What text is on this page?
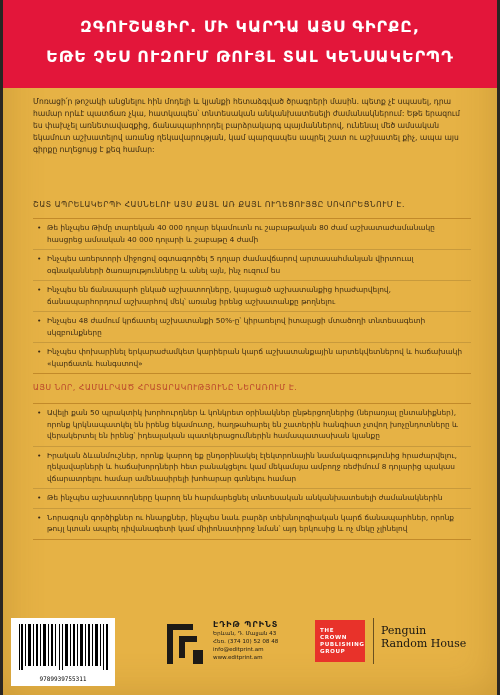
ԶԳՈՒՇԱՑԻՐ. ՄԻ ԿԱՐԴԱ ԱՅՍ ԳԻՐՔԸ,
ԵԹԵ ՉԵՍ ՈՒԶՈՒՄ ԹՈՒՅԼ ՏԱԼ ԿԵՆՍԱԿԵՐՊԴ
Մոռացի՛ր թոշակի անցնելու հին մոդելի և կյանքի հետաձգված ծրագրերի մասին. պետք չէ սպասել, դրա համար որևէ պատճառ չկա, հատկապես՝ տնտեսական անկանխատեսելի ժամանակներում: Եթե երազում ես փախչել առնետավազքից, ճանապարհորդել բարձրակարգ պայմաններով, ունենալ մեծ ամսական եկամուտ աշխատելով առանց ղեկավարության, կամ պարզապես ապրել շատ ու աշխատել քիչ, ապա այս գիրքը ուղեցույց է քեզ համար:
ՇԱՏ ԱՊՐԵԼԱԿԵՐՊԻ ՀԱՍՆԵԼՈՒ ԱՅՍ ՔԱՅԼ ԱՌ ՔԱՅԼ ՈՒՂԵՑՈՒՅՑԸ ՍՈՎՈՐԵՑՆՈՒՄ Է.
• Թե ինչպես Թիմը տարեկան 40 000 դոլար եկամուտն ու շաբաթական 80 ժամ աշխատաժամանակը հասցրեց ամսական 40 000 դոլարի և շաբաթը 4 ժամի
• Ինչպես առերտորի միջոցով օգտագործել 5 դոլար ժամավճարով արտասահմանյան վիրտուալ օգնականների ծառայությունները և անել այն, ինչ ուզում ես
• Ինչպես են ճանապարհ ընկած աշխատողները, կայացած աշխատանքից հրաժարվելով, ճանապարհորդում աշխարհով մեկ՝ առանց իրենց աշխատանքը թողնելու
• Ինչպես 48 ժամում կրճատել աշխատանքի 50%-ը՝ կիրառելով իտալացի մտածողի տնտեսագետի սկզբունքները
• Ինչպես փոխարինել երկարաժամկետ կարիերան կարճ աշխատանքային արտեկվետներով և հաճախակի «կարճատև հանգստով»
ԱՅՍ ՆՈՐ, ՀԱՄԱԼՐՎԱԾ ՀՐԱՏԱՐԱԿՈՒԹՅՈՒՆԸ ՆԵՐԱՌՈՒՄ Է.
• Ավելի քան 50 պրակտիկ խորհուրդներ և կոնկրետ օրինակներ ընթերցողներից (ներառյալ ընտանիքներ), որոնք կրկնապատկել են իրենց եկամուտը, հաղթահարել են շատերին հանգիստ չտվող խոչընդոտները և վերակերտել են իրենց՝ իդեալական պատկերացումներին համապատասխան կյանքը
• Իրական ձևանմուշներ, որոնք կարող եք ընդօրինակել էլեկտրոնային նամակագրությունից հրաժարվելու, ղեկավարների և հաճախորդների հետ բանակցելու կամ մեկամսյա ամբողջ ռեժիմում 8 դոլարից պակաս վճարատրելու համար ամենասիրելի խոհարար գտնելու համար
• Թե ինչպես աշխատողները կարող են հարմարեցնել տնտեսական անկանխատեսելի ժամանակներին
• Նորագույն գործիքներ ու հնարքներ, ինչպես նաև բարձր տեխնոլոգիական կարճ ճանապարհներ, որոնք թույլ կտան ապրել դիվանագետի կամ միլիոնատիրոջ նման՝ այդ երկուսից և ոչ մեկը չլինելով
9789939755311
ԷԴԻԹ ՊՐԻՆՏ
Երևան, Դ. Մալյան 43
Հեռ. (374 10) 52 08 48
info@editprint.am
www.editprint.am
THE CROWN PUBLISHING GROUP
Penguin Random House
